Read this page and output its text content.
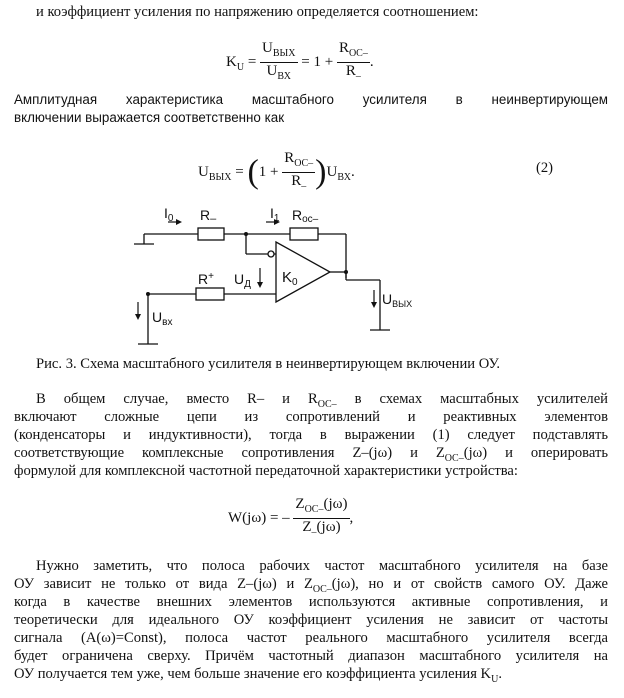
и коэффициент усиления по напряжению определяется соотношением:
$K_U = \frac{U_{ВЫХ}}{U_{ВХ}} = 1 + \frac{R_{OC-}}{R_-}$ .
Амплитудная характеристика масштабного усилителя в неинвертирующем
включении выражается соответственно как
$U_{ВЫХ} = (1 + \frac{R_{OC-}}{R_-} )U_{ВХ}$.	(2)
$I_0$ R–	$I_1$ Roc–
R+ $U_Д$ $K_0$
$U_{вх}$
$U_{ВЫХ}$
Рис. 3. Схема масштабного усилителя в неинвертирующем включении ОУ.
В общем случае, вместо R– и $R_{OC-}$ в схемах масштабных усилителей
включают сложные цепи из сопротивлений и реактивных элементов
(конденсаторы и индуктивности), тогда в выражении (1) следует подставлять
соответствующие комплексные сопротивления Z–(jω) и $Z_{OC-}(j\omega)$ и оперировать
формулой для комплексной частотной передаточной характеристики устройства:
W(jω) = – $\frac{Z_{OC-}(j\omega)}{Z_-(j\omega)}$ ,
Нужно заметить, что полоса рабочих частот масштабного усилителя на базе
ОУ зависит не только от вида Z–(jω) и $Z_{OC-}(j\omega)$, но и от свойств самого ОУ. Даже
когда в качестве внешних элементов используются активные сопротивления, и
теоретически для идеального ОУ коэффициент усиления не зависит от частоты
сигнала (A(ω)=Const), полоса частот реального масштабного усилителя всегда
будет ограничена сверху. Причём частотный диапазон масштабного усилителя на
ОУ получается тем уже, чем больше значение его коэффициента усиления $K_U$.
